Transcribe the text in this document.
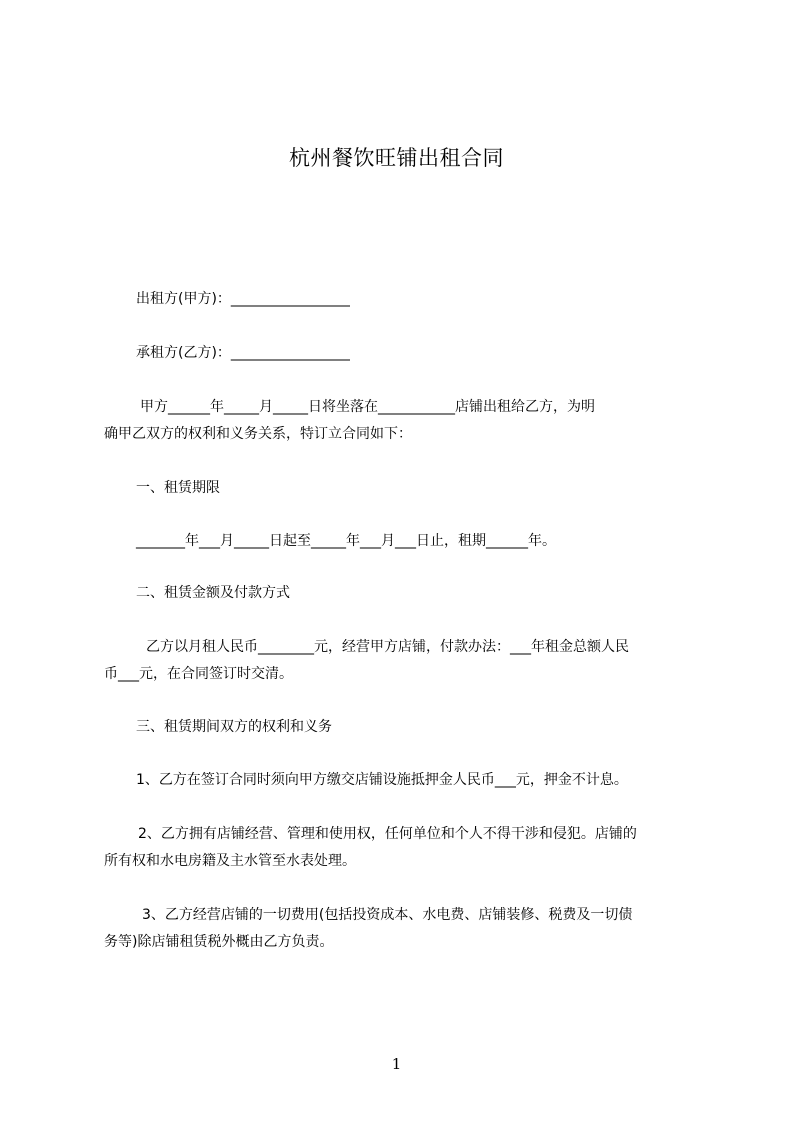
杭州餐饮旺铺出租合同
出租方(甲方)：_________________
承租方(乙方)：_________________
甲方______年_____月_____日将坐落在___________店铺出租给乙方，为明
确甲乙双方的权利和义务关系，特订立合同如下：
一、租赁期限
_______年___月_____日起至_____年___月___日止，租期______年。
二、租赁金额及付款方式
乙方以月租人民币________元，经营甲方店铺，付款办法：___年租金总额人民
币___元，在合同签订时交清。
三、租赁期间双方的权利和义务
1、乙方在签订合同时须向甲方缴交店铺设施抵押金人民币___元，押金不计息。
2、乙方拥有店铺经营、管理和使用权，任何单位和个人不得干涉和侵犯。店铺的
所有权和水电房籍及主水管至水表处理。
3、乙方经营店铺的一切费用(包括投资成本、水电费、店铺装修、税费及一切债
务等)除店铺租赁税外概由乙方负责。
1
